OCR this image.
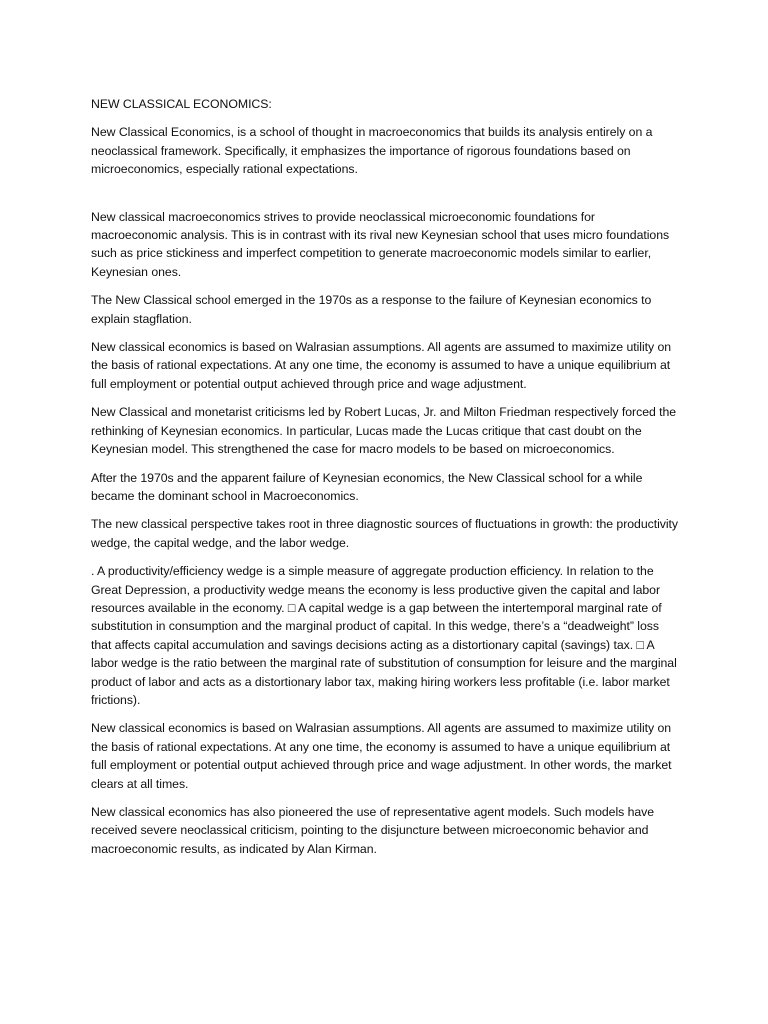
NEW CLASSICAL ECONOMICS:

New Classical Economics, is a school of thought in macroeconomics that builds its analysis entirely on a neoclassical framework. Specifically, it emphasizes the importance of rigorous foundations based on microeconomics, especially rational expectations.

New classical macroeconomics strives to provide neoclassical microeconomic foundations for macroeconomic analysis. This is in contrast with its rival new Keynesian school that uses micro foundations such as price stickiness and imperfect competition to generate macroeconomic models similar to earlier, Keynesian ones.

The New Classical school emerged in the 1970s as a response to the failure of Keynesian economics to explain stagflation.

New classical economics is based on Walrasian assumptions. All agents are assumed to maximize utility on the basis of rational expectations. At any one time, the economy is assumed to have a unique equilibrium at full employment or potential output achieved through price and wage adjustment.

New Classical and monetarist criticisms led by Robert Lucas, Jr. and Milton Friedman respectively forced the rethinking of Keynesian economics. In particular, Lucas made the Lucas critique that cast doubt on the Keynesian model. This strengthened the case for macro models to be based on microeconomics.

After the 1970s and the apparent failure of Keynesian economics, the New Classical school for a while became the dominant school in Macroeconomics.

The new classical perspective takes root in three diagnostic sources of fluctuations in growth: the productivity wedge, the capital wedge, and the labor wedge.

. A productivity/efficiency wedge is a simple measure of aggregate production efficiency. In relation to the Great Depression, a productivity wedge means the economy is less productive given the capital and labor resources available in the economy. □ A capital wedge is a gap between the intertemporal marginal rate of substitution in consumption and the marginal product of capital. In this wedge, there’s a “deadweight” loss that affects capital accumulation and savings decisions acting as a distortionary capital (savings) tax. □ A labor wedge is the ratio between the marginal rate of substitution of consumption for leisure and the marginal product of labor and acts as a distortionary labor tax, making hiring workers less profitable (i.e. labor market frictions).

New classical economics is based on Walrasian assumptions. All agents are assumed to maximize utility on the basis of rational expectations. At any one time, the economy is assumed to have a unique equilibrium at full employment or potential output achieved through price and wage adjustment. In other words, the market clears at all times.

New classical economics has also pioneered the use of representative agent models. Such models have received severe neoclassical criticism, pointing to the disjuncture between microeconomic behavior and macroeconomic results, as indicated by Alan Kirman.
